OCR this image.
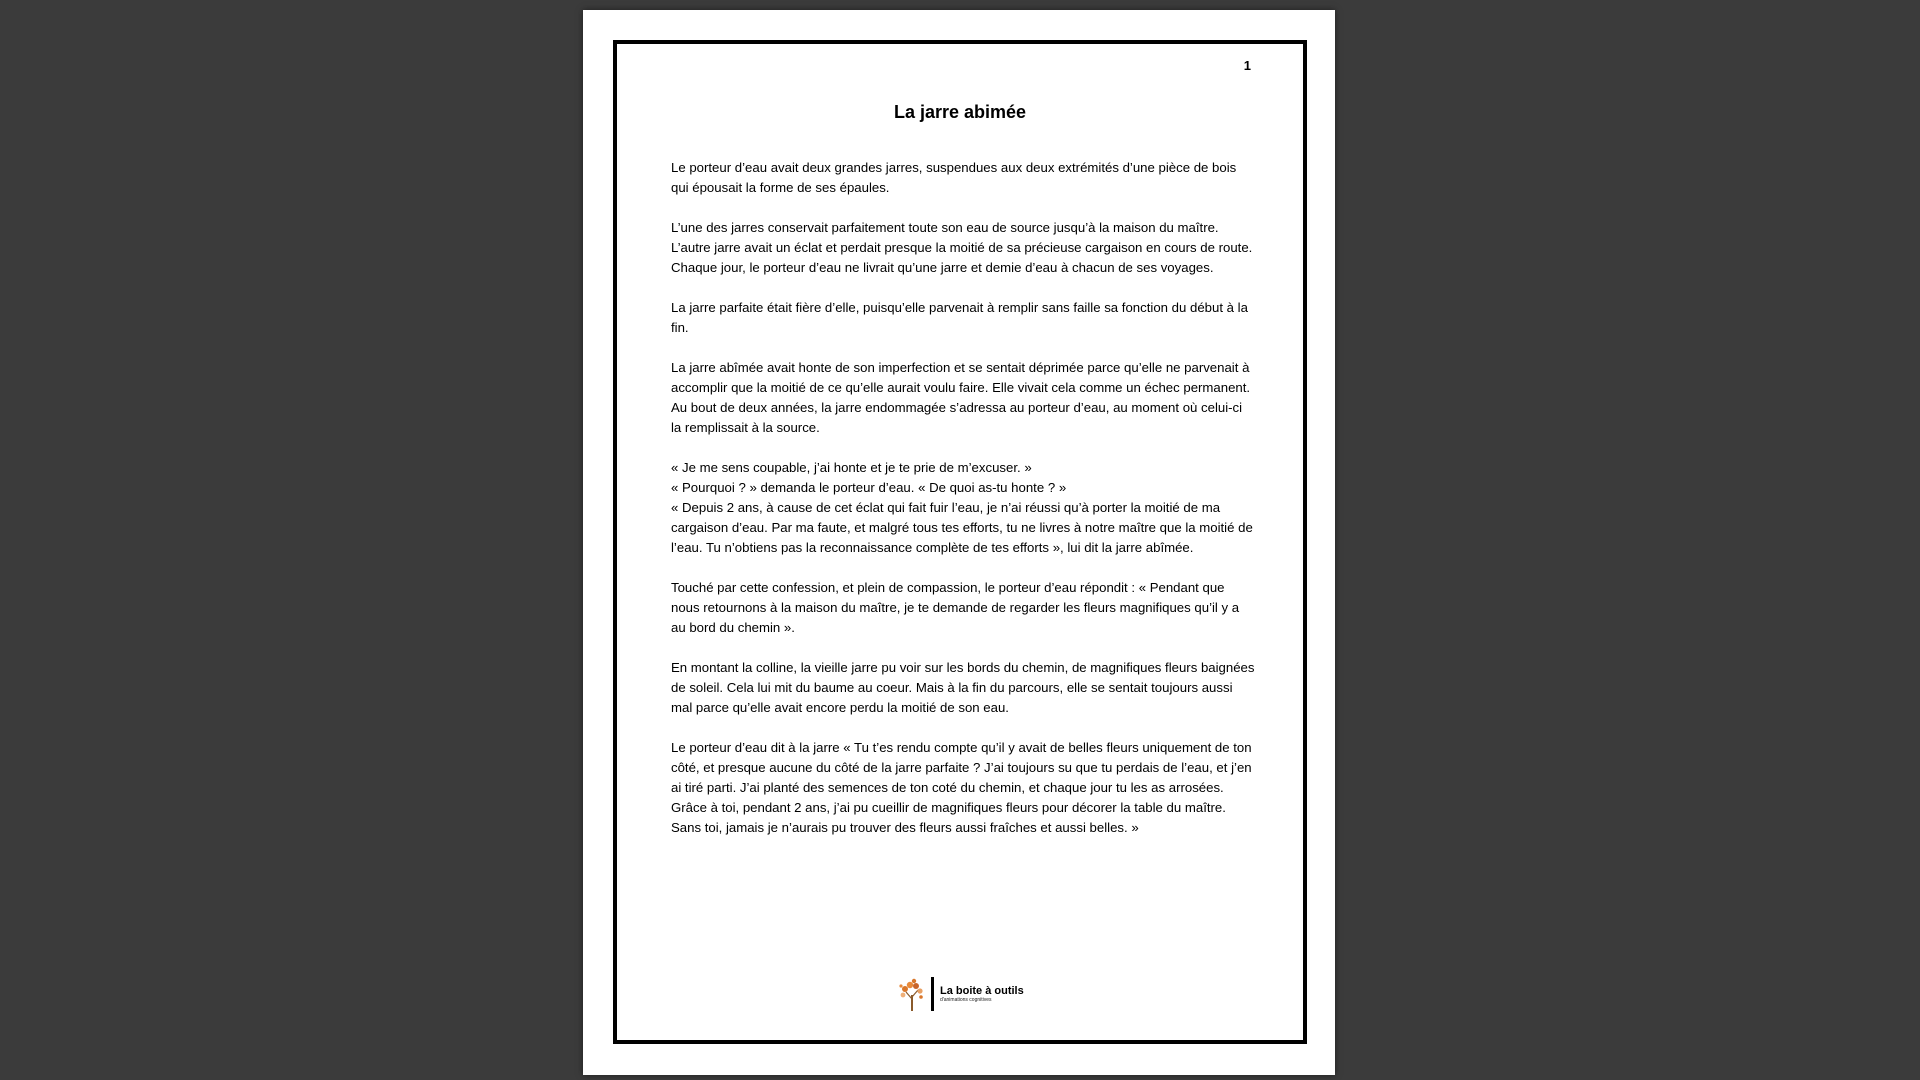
1
La jarre abimée

Le porteur d’eau avait deux grandes jarres, suspendues aux deux extrémités d’une pièce de bois qui épousait la forme de ses épaules.

L’une des jarres conservait parfaitement toute son eau de source jusqu’à la maison du maître. L’autre jarre avait un éclat et perdait presque la moitié de sa précieuse cargaison en cours de route. Chaque jour, le porteur d’eau ne livrait qu’une jarre et demie d’eau à chacun de ses voyages.

La jarre parfaite était fière d’elle, puisqu’elle parvenait à remplir sans faille sa fonction du début à la fin.

La jarre abîmée avait honte de son imperfection et se sentait déprimée parce qu’elle ne parvenait à accomplir que la moitié de ce qu’elle aurait voulu faire. Elle vivait cela comme un échec permanent. Au bout de deux années, la jarre endommagée s’adressa au porteur d’eau, au moment où celui-ci la remplissait à la source.

« Je me sens coupable, j’ai honte et je te prie de m’excuser. »
« Pourquoi ? » demanda le porteur d’eau. « De quoi as-tu honte ? »
« Depuis 2 ans, à cause de cet éclat qui fait fuir l’eau, je n’ai réussi qu’à porter la moitié de ma cargaison d’eau. Par ma faute, et malgré tous tes efforts, tu ne livres à notre maître que la moitié de l’eau. Tu n’obtiens pas la reconnaissance complète de tes efforts », lui dit la jarre abîmée.

Touché par cette confession, et plein de compassion, le porteur d’eau répondit : « Pendant que nous retournons à la maison du maître, je te demande de regarder les fleurs magnifiques qu’il y a au bord du chemin ».

En montant la colline, la vieille jarre pu voir sur les bords du chemin, de magnifiques fleurs baignées de soleil. Cela lui mit du baume au coeur. Mais à la fin du parcours, elle se sentait toujours aussi mal parce qu’elle avait encore perdu la moitié de son eau.

Le porteur d’eau dit à la jarre « Tu t’es rendu compte qu’il y avait de belles fleurs uniquement de ton côté, et presque aucune du côté de la jarre parfaite ? J’ai toujours su que tu perdais de l’eau, et j’en ai tiré parti. J’ai planté des semences de ton coté du chemin, et chaque jour tu les as arrosées. Grâce à toi, pendant 2 ans, j’ai pu cueillir de magnifiques fleurs pour décorer la table du maître. Sans toi, jamais je n’aurais pu trouver des fleurs aussi fraîches et aussi belles. »

La boite à outils
d'animations cognitives
